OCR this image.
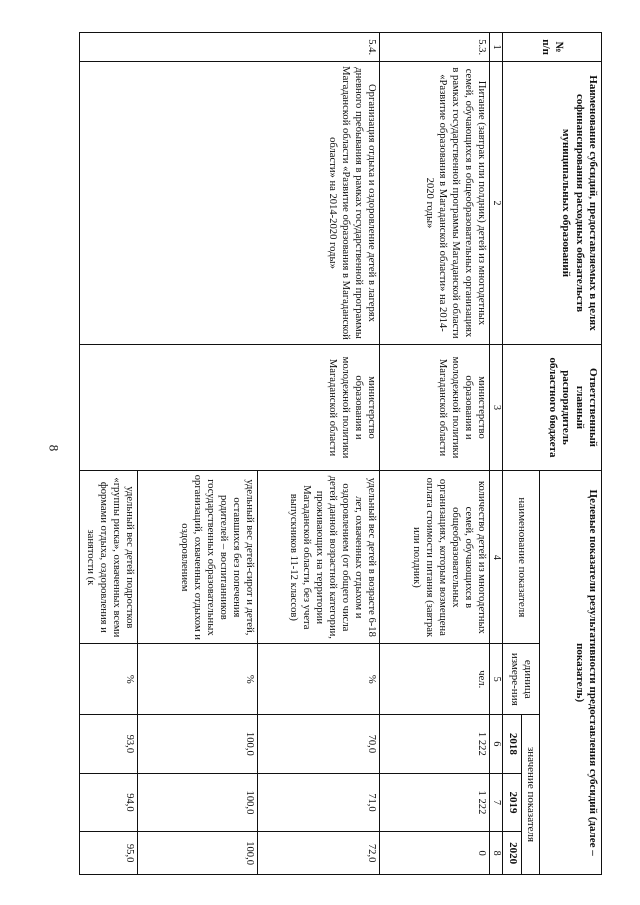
8
№ п/п	Наименование субсидий, предоставляемых в целях софинансирования расходных обязательств муниципальных образований	Ответственный главный распорядитель областного бюджета	Целевые показатели результативности предоставления субсидий (далее – показатель)				
			наименование показателя	единица измере-ния	значение показателя		
					2018	2019	2020
1	2	3	4	5	6	7	8
5.3.	Питание (завтрак или полдник) детей из многодетных семей, обучающихся в общеобразовательных организациях в рамках государственной программы Магаданской области «Развитие образования в Магаданской области» на 2014-2020 годы»	министерство образования и молодежной политики Магаданской области	количество детей из многодетных семей, обучающихся в общеобразовательных организациях, которым возмещена оплата стоимости питания (завтрак или полдник)	чел.	1 222	1 222	0
5.4.	Организация отдыха и оздоровление детей в лагерях дневного пребывания в рамках государственной программы Магаданской области «Развитие образования в Магаданской области» на 2014-2020 годы»	министерство образования и молодежной политики Магаданской области	удельный вес детей в возрасте 6-18 лет, охваченных отдыхом и оздоровлением (от общего числа детей данной возрастной категории, проживающих на территории Магаданской области, без учета выпускников 11-12 классов)	%	70,0	71,0	72,0
			удельный вес детей-сирот и детей, оставшихся без попечения родителей – воспитанников государственных образовательных организаций, охваченных отдыхом и оздоровлением	%	100,0	100,0	100,0
			удельный вес детей подростков «группы риска», охваченных всеми формами отдыха, оздоровления и занятости (к	%	93,0	94,0	95,0
